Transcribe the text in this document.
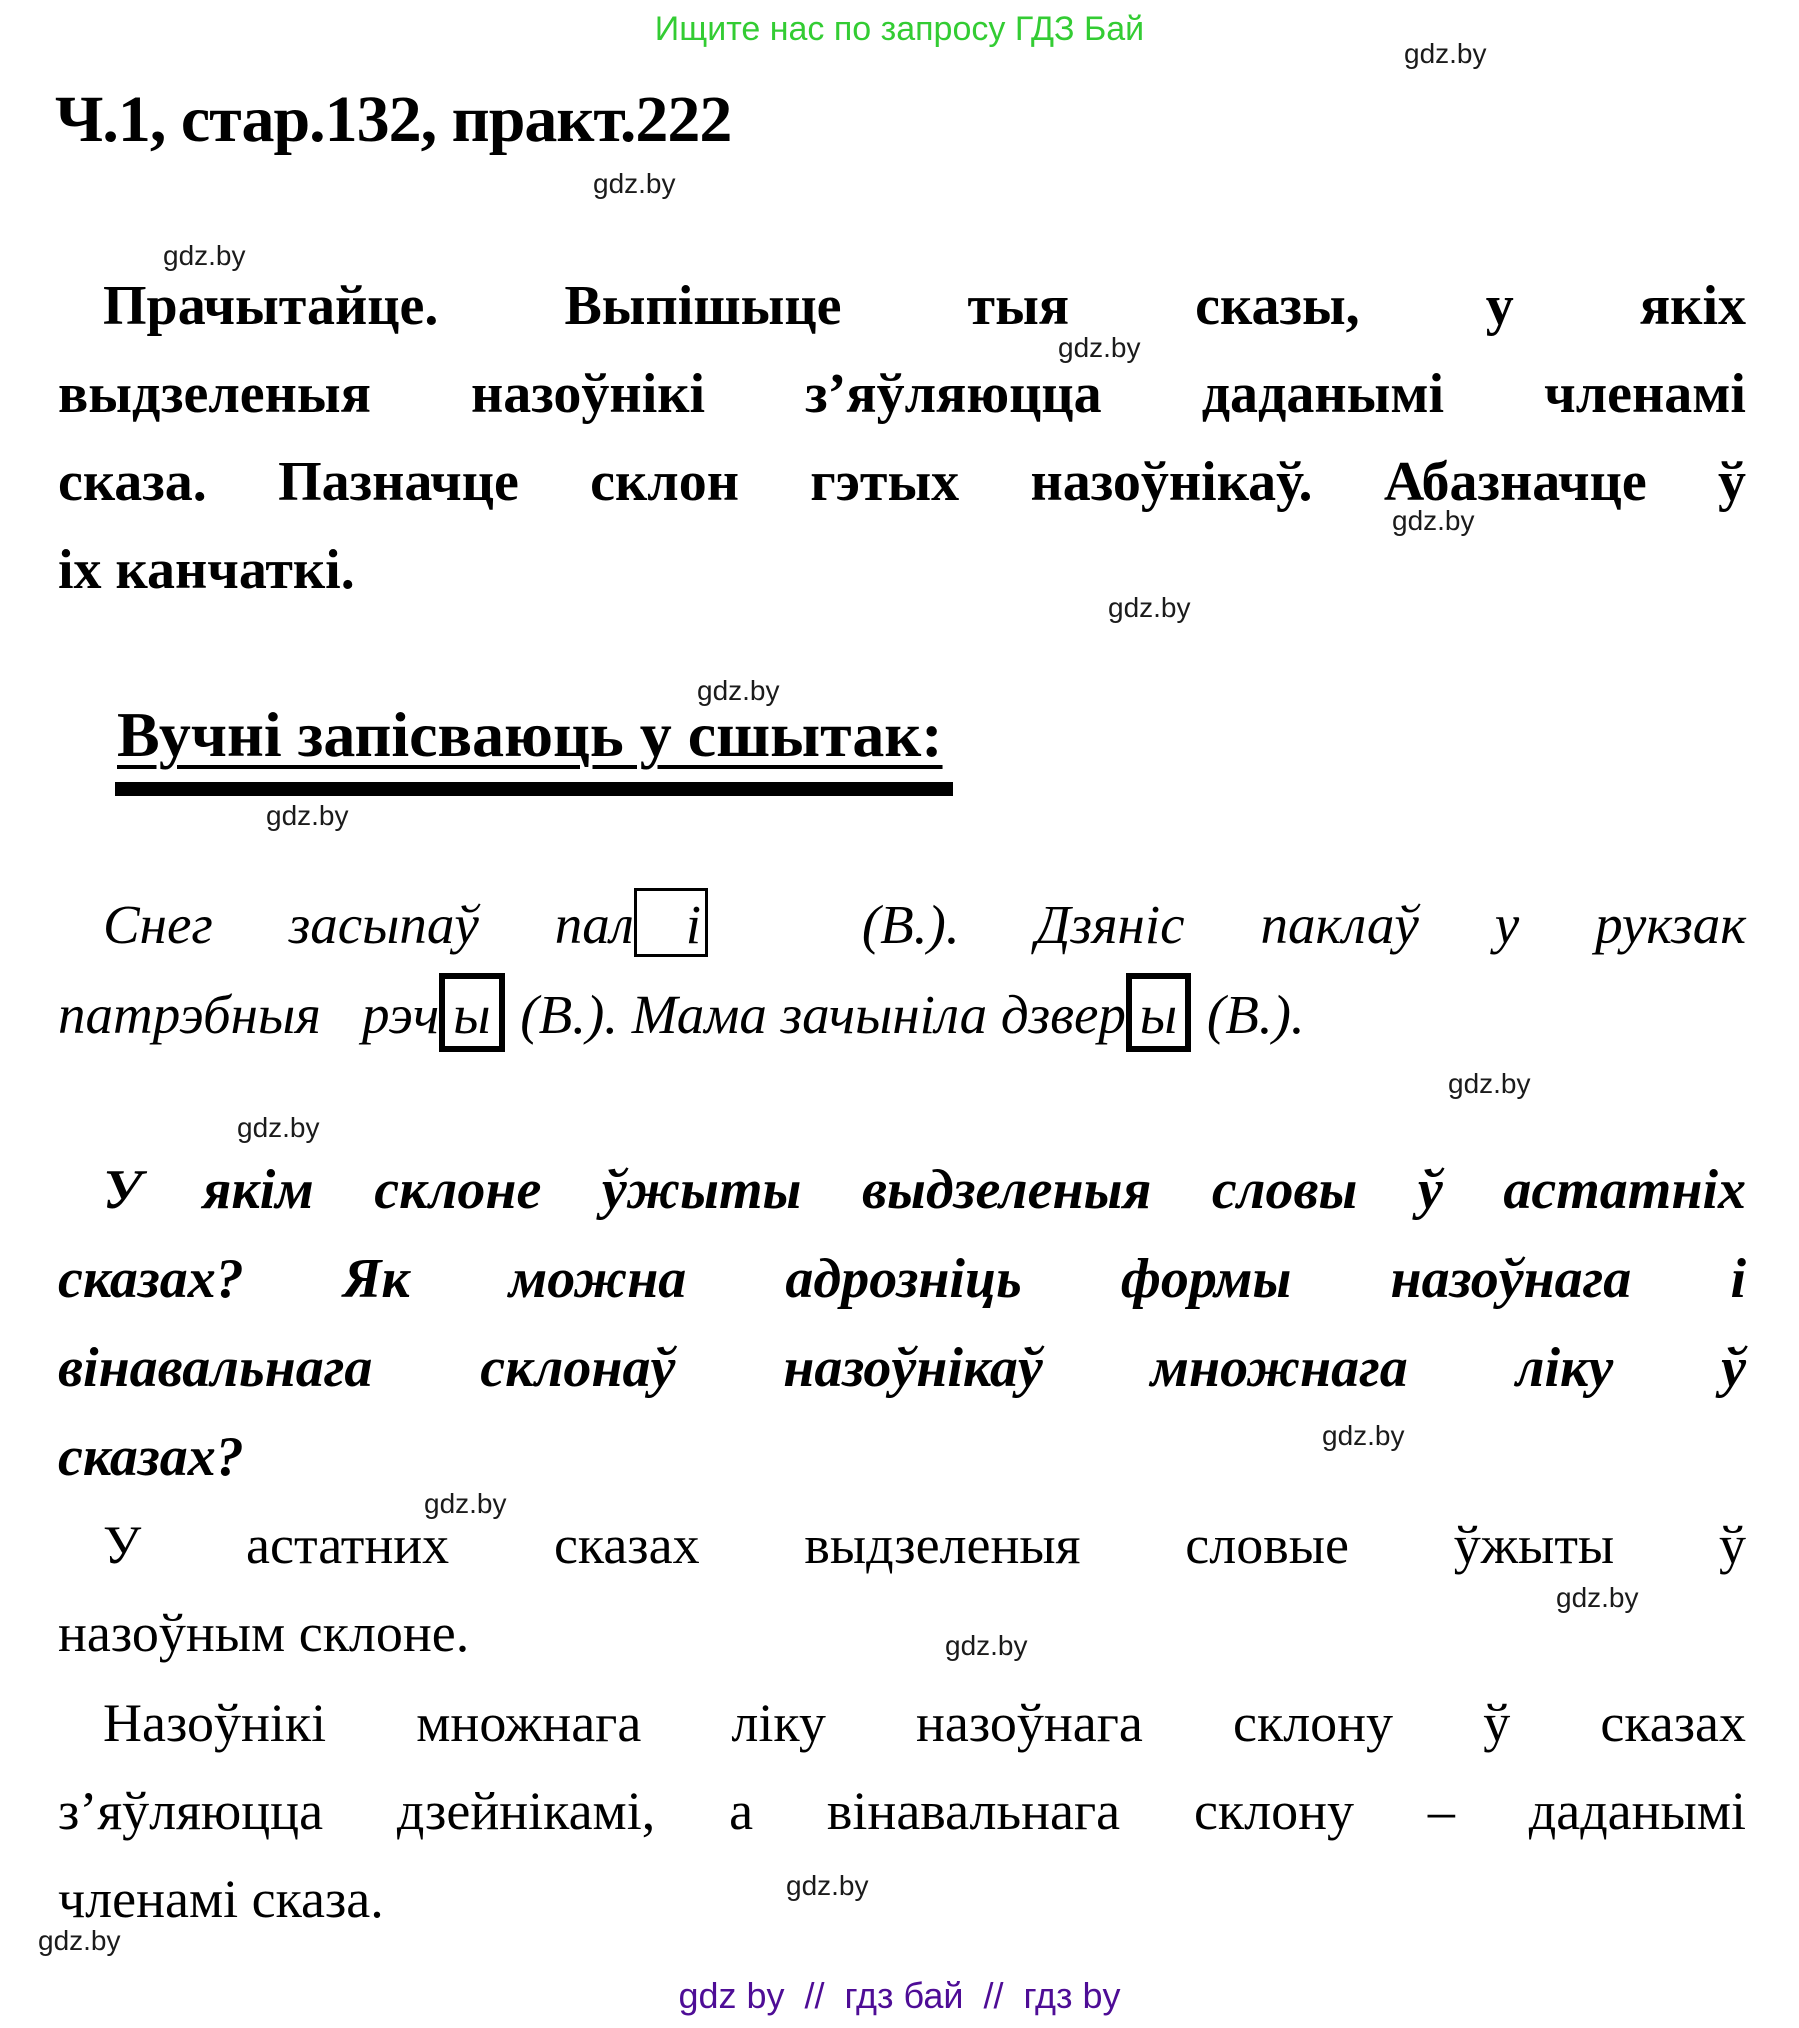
Ищите нас по запросу ГДЗ Бай
gdz.by
gdz.by
gdz.by
gdz.by
gdz.by
gdz.by
gdz.by
gdz.by
gdz.by
gdz.by
gdz.by
gdz.by
gdz.by
gdz.by
gdz.by
gdz.by
Ч.1, стар.132, практ.222
Прачытайце. Выпішыце тыя сказы, у якіх
выдзеленыя назоўнікі з’яўляюцца даданымі членамі
сказа. Пазначце склон гэтых назоўнікаў. Абазначце ў
іх канчаткі.
Вучні запісваюць у сшытак:
Снег засыпаў пал і  (В.). Дзяніс паклаў у рукзак
патрэбныя   рэч ы (В.). Мама зачыніла дзвер ы (В.).
У якім склоне ўжыты выдзеленыя словы ў астатніх
сказах? Як можна адрозніць формы назоўнага і
вінавальнага склонаў назоўнікаў множнага ліку ў
сказах?
У астатних сказах выдзеленыя словые ўжыты ў
назоўным склоне.
Назоўнікі множнага ліку назоўнага склону ў сказах
з’яўляюцца дзейнікамі, а вінавальнага склону – даданымі
членамі сказа.
gdz by  //  гдз бай  //  гдз by
